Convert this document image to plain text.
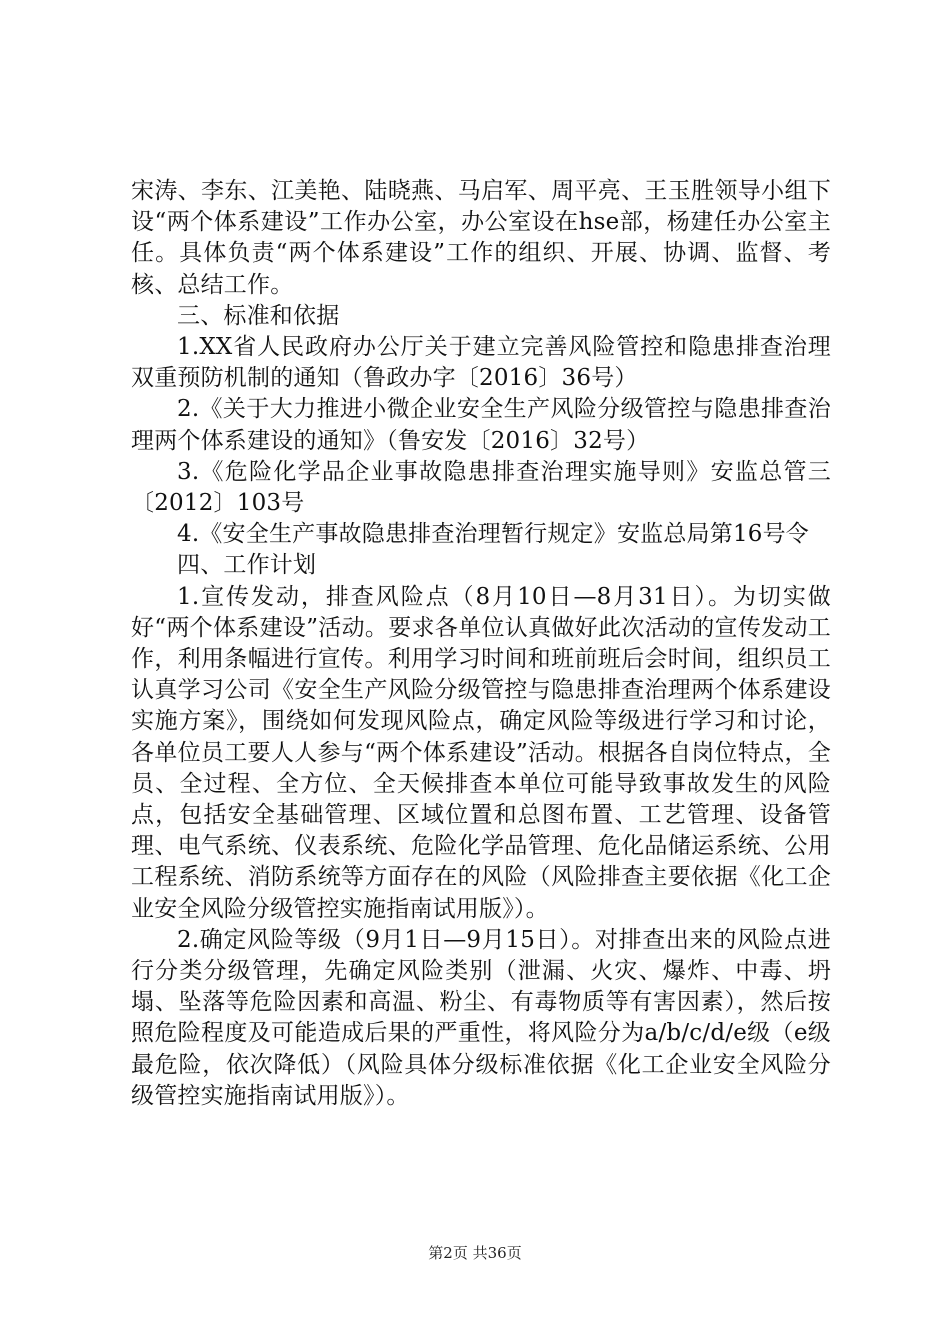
宋涛、李东、江美艳、陆晓燕、马启军、周平亮、王玉胜领导小组下设“两个体系建设”工作办公室，办公室设在hse部，杨建任办公室主任。具体负责“两个体系建设”工作的组织、开展、协调、监督、考核、总结工作。

三、标准和依据

1.XX省人民政府办公厅关于建立完善风险管控和隐患排查治理双重预防机制的通知（鲁政办字〔2016〕36号）

2.《关于大力推进小微企业安全生产风险分级管控与隐患排查治理两个体系建设的通知》（鲁安发〔2016〕32号）

3.《危险化学品企业事故隐患排查治理实施导则》安监总管三〔2012〕103号

4.《安全生产事故隐患排查治理暂行规定》安监总局第16号令

四、工作计划

1.宣传发动，排查风险点（8月10日—8月31日）。为切实做好“两个体系建设”活动。要求各单位认真做好此次活动的宣传发动工作，利用条幅进行宣传。利用学习时间和班前班后会时间，组织员工认真学习公司《安全生产风险分级管控与隐患排查治理两个体系建设实施方案》，围绕如何发现风险点，确定风险等级进行学习和讨论，各单位员工要人人参与“两个体系建设”活动。根据各自岗位特点，全员、全过程、全方位、全天候排查本单位可能导致事故发生的风险点，包括安全基础管理、区域位置和总图布置、工艺管理、设备管理、电气系统、仪表系统、危险化学品管理、危化品储运系统、公用工程系统、消防系统等方面存在的风险（风险排查主要依据《化工企业安全风险分级管控实施指南试用版》）。

2.确定风险等级（9月1日—9月15日）。对排查出来的风险点进行分类分级管理，先确定风险类别（泄漏、火灾、爆炸、中毒、坍塌、坠落等危险因素和高温、粉尘、有毒物质等有害因素），然后按照危险程度及可能造成后果的严重性，将风险分为a/b/c/d/e级（e级最危险，依次降低）（风险具体分级标准依据《化工企业安全风险分级管控实施指南试用版》）。

第2页 共36页
